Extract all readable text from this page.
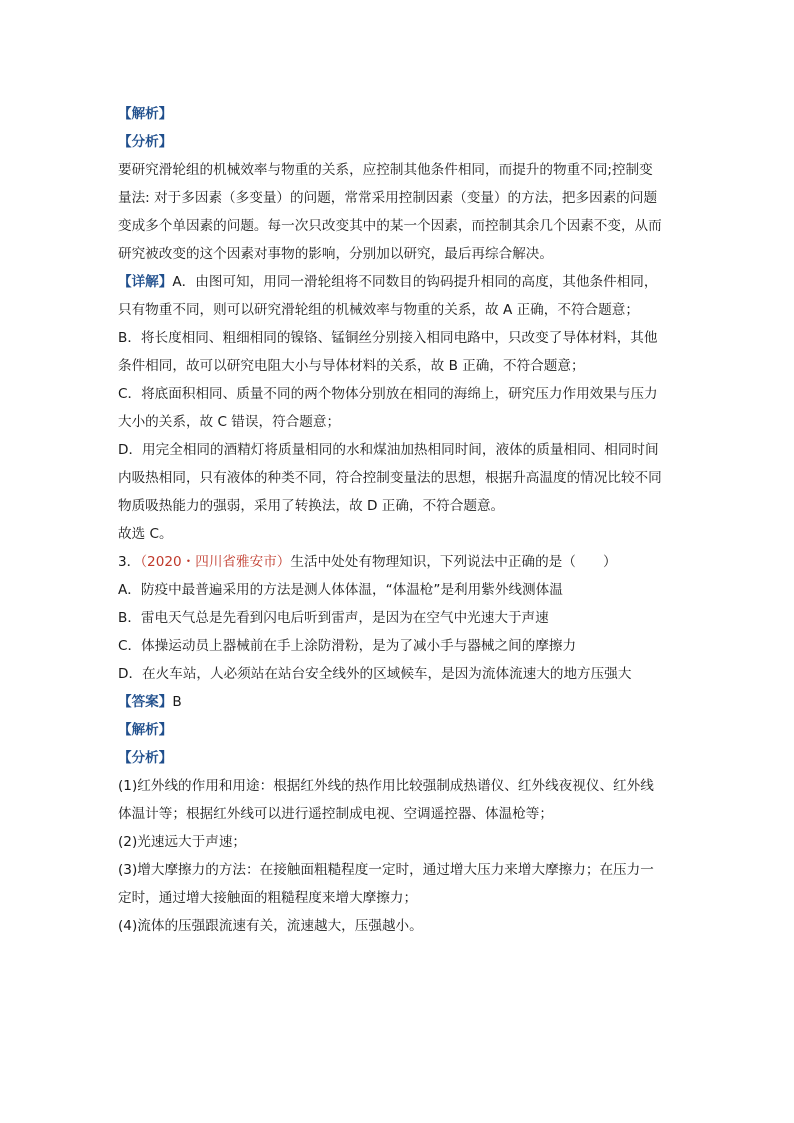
【解析】
【分析】
要研究滑轮组的机械效率与物重的关系，应控制其他条件相同，而提升的物重不同;控制变
量法: 对于多因素（多变量）的问题，常常采用控制因素（变量）的方法，把多因素的问题
变成多个单因素的问题。每一次只改变其中的某一个因素，而控制其余几个因素不变，从而
研究被改变的这个因素对事物的影响，分别加以研究，最后再综合解决。
【详解】A．由图可知，用同一滑轮组将不同数目的钩码提升相同的高度，其他条件相同，
只有物重不同，则可以研究滑轮组的机械效率与物重的关系，故 A 正确，不符合题意；
B．将长度相同、粗细相同的镍铬、锰铜丝分别接入相同电路中，只改变了导体材料，其他
条件相同，故可以研究电阻大小与导体材料的关系，故 B 正确，不符合题意；
C．将底面积相同、质量不同的两个物体分别放在相同的海绵上，研究压力作用效果与压力
大小的关系，故 C 错误，符合题意；
D．用完全相同的酒精灯将质量相同的水和煤油加热相同时间，液体的质量相同、相同时间
内吸热相同，只有液体的种类不同，符合控制变量法的思想，根据升高温度的情况比较不同
物质吸热能力的强弱，采用了转换法，故 D 正确，不符合题意。
故选 C。
3．（2020・四川省雅安市）生活中处处有物理知识，下列说法中正确的是（　　）
A．防疫中最普遍采用的方法是测人体体温，“体温枪”是利用紫外线测体温
B．雷电天气总是先看到闪电后听到雷声，是因为在空气中光速大于声速
C．体操运动员上器械前在手上涂防滑粉，是为了减小手与器械之间的摩擦力
D．在火车站，人必须站在站台安全线外的区域候车，是因为流体流速大的地方压强大
【答案】B
【解析】
【分析】
(1)红外线的作用和用途：根据红外线的热作用比较强制成热谱仪、红外线夜视仪、红外线
体温计等；根据红外线可以进行遥控制成电视、空调遥控器、体温枪等；
(2)光速远大于声速；
(3)增大摩擦力的方法：在接触面粗糙程度一定时，通过增大压力来增大摩擦力；在压力一
定时，通过增大接触面的粗糙程度来增大摩擦力；
(4)流体的压强跟流速有关，流速越大，压强越小。
